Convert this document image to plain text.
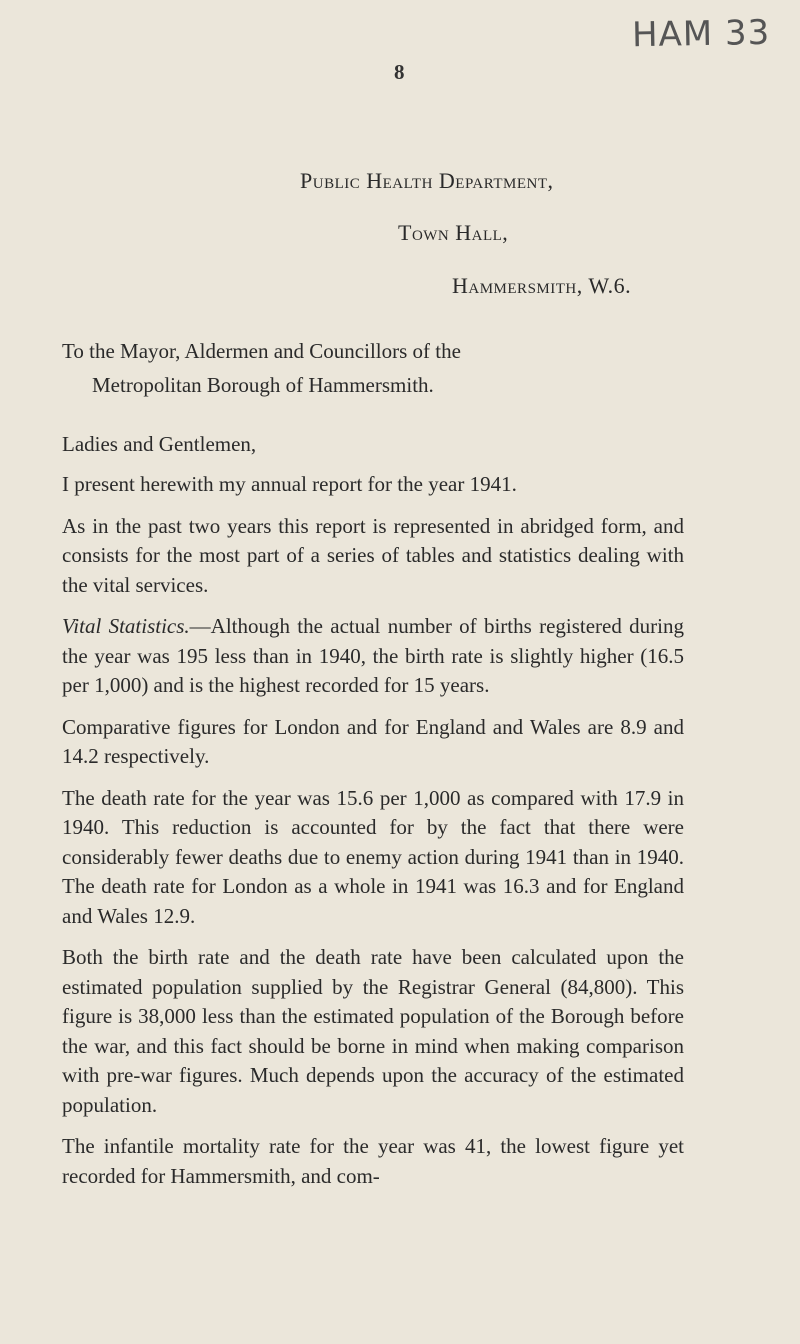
HAM 33
8
Public Health Department,
Town Hall,
Hammersmith, W.6.
To the Mayor, Aldermen and Councillors of the
Metropolitan Borough of Hammersmith.
Ladies and Gentlemen,

I present herewith my annual report for the year 1941.

As in the past two years this report is represented in abridged form, and consists for the most part of a series of tables and statistics dealing with the vital services.

Vital Statistics.—Although the actual number of births registered during the year was 195 less than in 1940, the birth rate is slightly higher (16.5 per 1,000) and is the highest recorded for 15 years.

Comparative figures for London and for England and Wales are 8.9 and 14.2 respectively.

The death rate for the year was 15.6 per 1,000 as compared with 17.9 in 1940. This reduction is accounted for by the fact that there were considerably fewer deaths due to enemy action during 1941 than in 1940. The death rate for London as a whole in 1941 was 16.3 and for England and Wales 12.9.

Both the birth rate and the death rate have been calculated upon the estimated population supplied by the Registrar General (84,800). This figure is 38,000 less than the estimated population of the Borough before the war, and this fact should be borne in mind when making comparison with pre-war figures. Much depends upon the accuracy of the estimated population.

The infantile mortality rate for the year was 41, the lowest figure yet recorded for Hammersmith, and com-
